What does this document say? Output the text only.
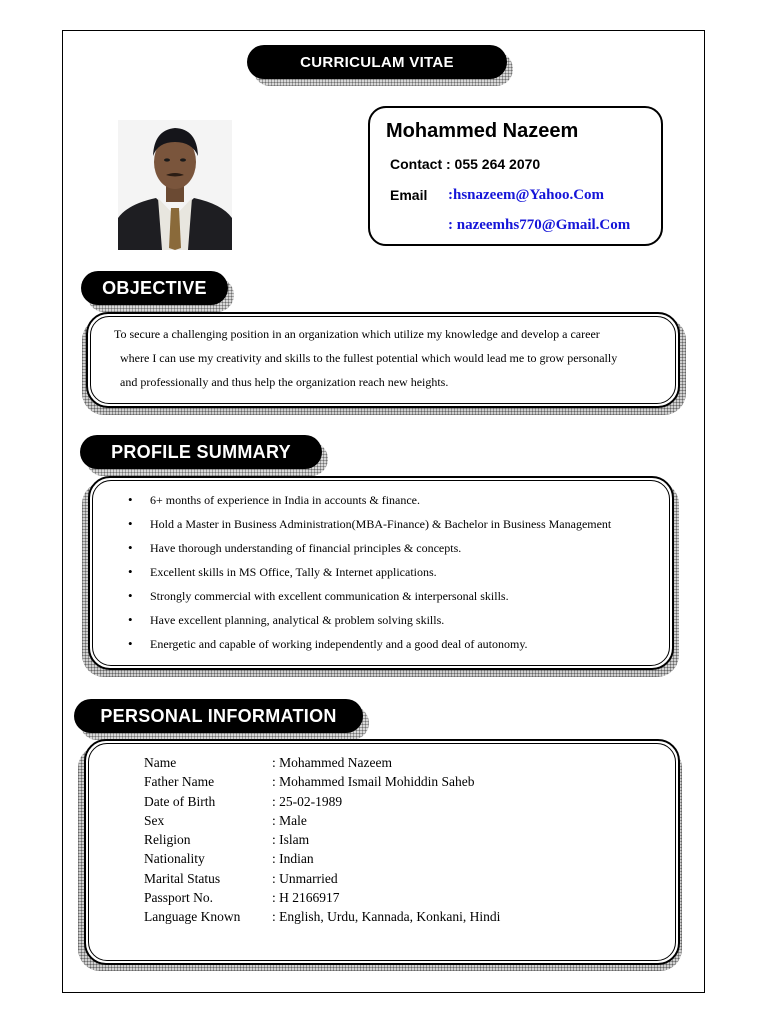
CURRICULAM VITAE
Mohammed Nazeem
Contact : 055 264 2070
Email :hsnazeem@Yahoo.Com
: nazeemhs770@Gmail.Com
OBJECTIVE
To secure a challenging position in an organization which utilize my knowledge and develop a career
where I can use my creativity and skills to the fullest potential which would lead me to grow personally
and professionally and thus help the organization reach new heights.
PROFILE SUMMARY
• 6+ months of experience in India in accounts & finance.
• Hold a Master in Business Administration(MBA-Finance) & Bachelor in Business Management
• Have thorough understanding of financial principles & concepts.
• Excellent skills in MS Office, Tally & Internet applications.
• Strongly commercial with excellent communication & interpersonal skills.
• Have excellent planning, analytical & problem solving skills.
• Energetic and capable of working independently and a good deal of autonomy.
PERSONAL INFORMATION
Name	: Mohammed Nazeem
Father Name	: Mohammed Ismail Mohiddin Saheb
Date of Birth	: 25-02-1989
Sex	: Male
Religion	: Islam
Nationality	: Indian
Marital Status	: Unmarried
Passport No.	: H 2166917
Language Known	: English, Urdu, Kannada, Konkani, Hindi
